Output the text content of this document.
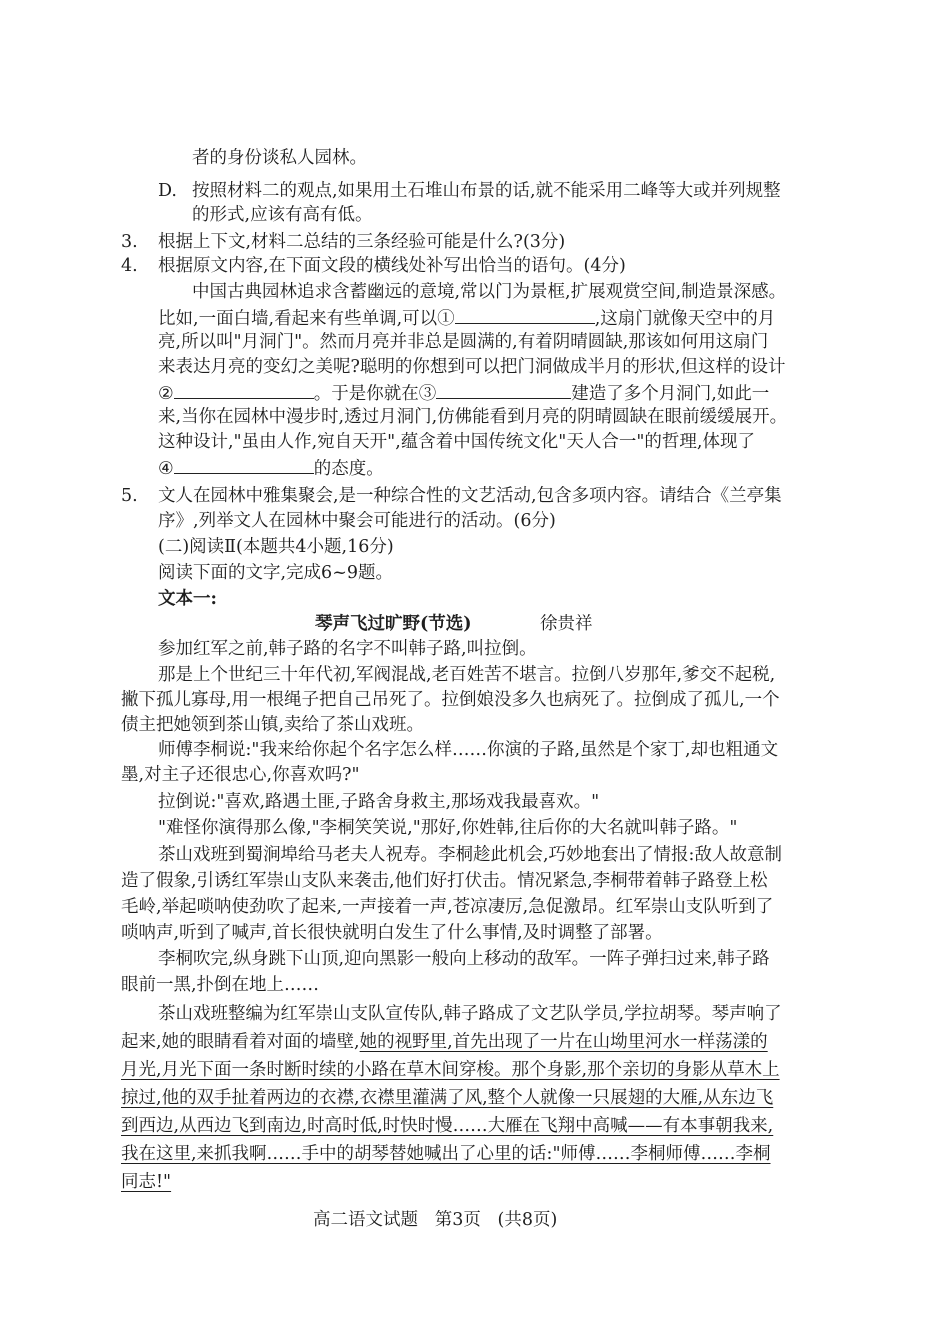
者的身份谈私人园林。
D. 按照材料二的观点,如果用土石堆山布景的话,就不能采用二峰等大或并列规整
的形式,应该有高有低。
3. 根据上下文,材料二总结的三条经验可能是什么?(3分)
4. 根据原文内容,在下面文段的横线处补写出恰当的语句。(4分)
中国古典园林追求含蓄幽远的意境,常以门为景框,扩展观赏空间,制造景深感。
比如,一面白墙,看起来有些单调,可以①	,这扇门就像天空中的月
亮,所以叫"月洞门"。然而月亮并非总是圆满的,有着阴晴圆缺,那该如何用这扇门
来表达月亮的变幻之美呢?聪明的你想到可以把门洞做成半月的形状,但这样的设计
②	。于是你就在③	建造了多个月洞门,如此一
来,当你在园林中漫步时,透过月洞门,仿佛能看到月亮的阴晴圆缺在眼前缓缓展开。
这种设计,"虽由人作,宛自天开",蕴含着中国传统文化"天人合一"的哲理,体现了
④	的态度。
5. 文人在园林中雅集聚会,是一种综合性的文艺活动,包含多项内容。请结合《兰亭集
序》,列举文人在园林中聚会可能进行的活动。(6分)
(二)阅读Ⅱ(本题共4小题,16分)
阅读下面的文字,完成6~9题。
文本一:
琴声飞过旷野(节选)	徐贵祥
参加红军之前,韩子路的名字不叫韩子路,叫拉倒。
那是上个世纪三十年代初,军阀混战,老百姓苦不堪言。拉倒八岁那年,爹交不起税,
撇下孤儿寡母,用一根绳子把自己吊死了。拉倒娘没多久也病死了。拉倒成了孤儿,一个
债主把她领到茶山镇,卖给了茶山戏班。
师傅李桐说:"我来给你起个名字怎么样……你演的子路,虽然是个家丁,却也粗通文
墨,对主子还很忠心,你喜欢吗?"
拉倒说:"喜欢,路遇土匪,子路舍身救主,那场戏我最喜欢。"
"难怪你演得那么像,"李桐笑笑说,"那好,你姓韩,往后你的大名就叫韩子路。"
茶山戏班到蜀涧埠给马老夫人祝寿。李桐趁此机会,巧妙地套出了情报:敌人故意制
造了假象,引诱红军崇山支队来袭击,他们好打伏击。情况紧急,李桐带着韩子路登上松
毛岭,举起唢呐使劲吹了起来,一声接着一声,苍凉凄厉,急促激昂。红军崇山支队听到了
唢呐声,听到了喊声,首长很快就明白发生了什么事情,及时调整了部署。
李桐吹完,纵身跳下山顶,迎向黑影一般向上移动的敌军。一阵子弹扫过来,韩子路
眼前一黑,扑倒在地上……
茶山戏班整编为红军崇山支队宣传队,韩子路成了文艺队学员,学拉胡琴。琴声响了
起来,她的眼睛看着对面的墙壁,她的视野里,首先出现了一片在山坳里河水一样荡漾的
月光,月光下面一条时断时续的小路在草木间穿梭。那个身影,那个亲切的身影从草木上
掠过,他的双手扯着两边的衣襟,衣襟里灌满了风,整个人就像一只展翅的大雁,从东边飞
到西边,从西边飞到南边,时高时低,时快时慢……大雁在飞翔中高喊——有本事朝我来,
我在这里,来抓我啊……手中的胡琴替她喊出了心里的话:"师傅……李桐师傅……李桐
同志!"
高二语文试题   第3页   (共8页)
